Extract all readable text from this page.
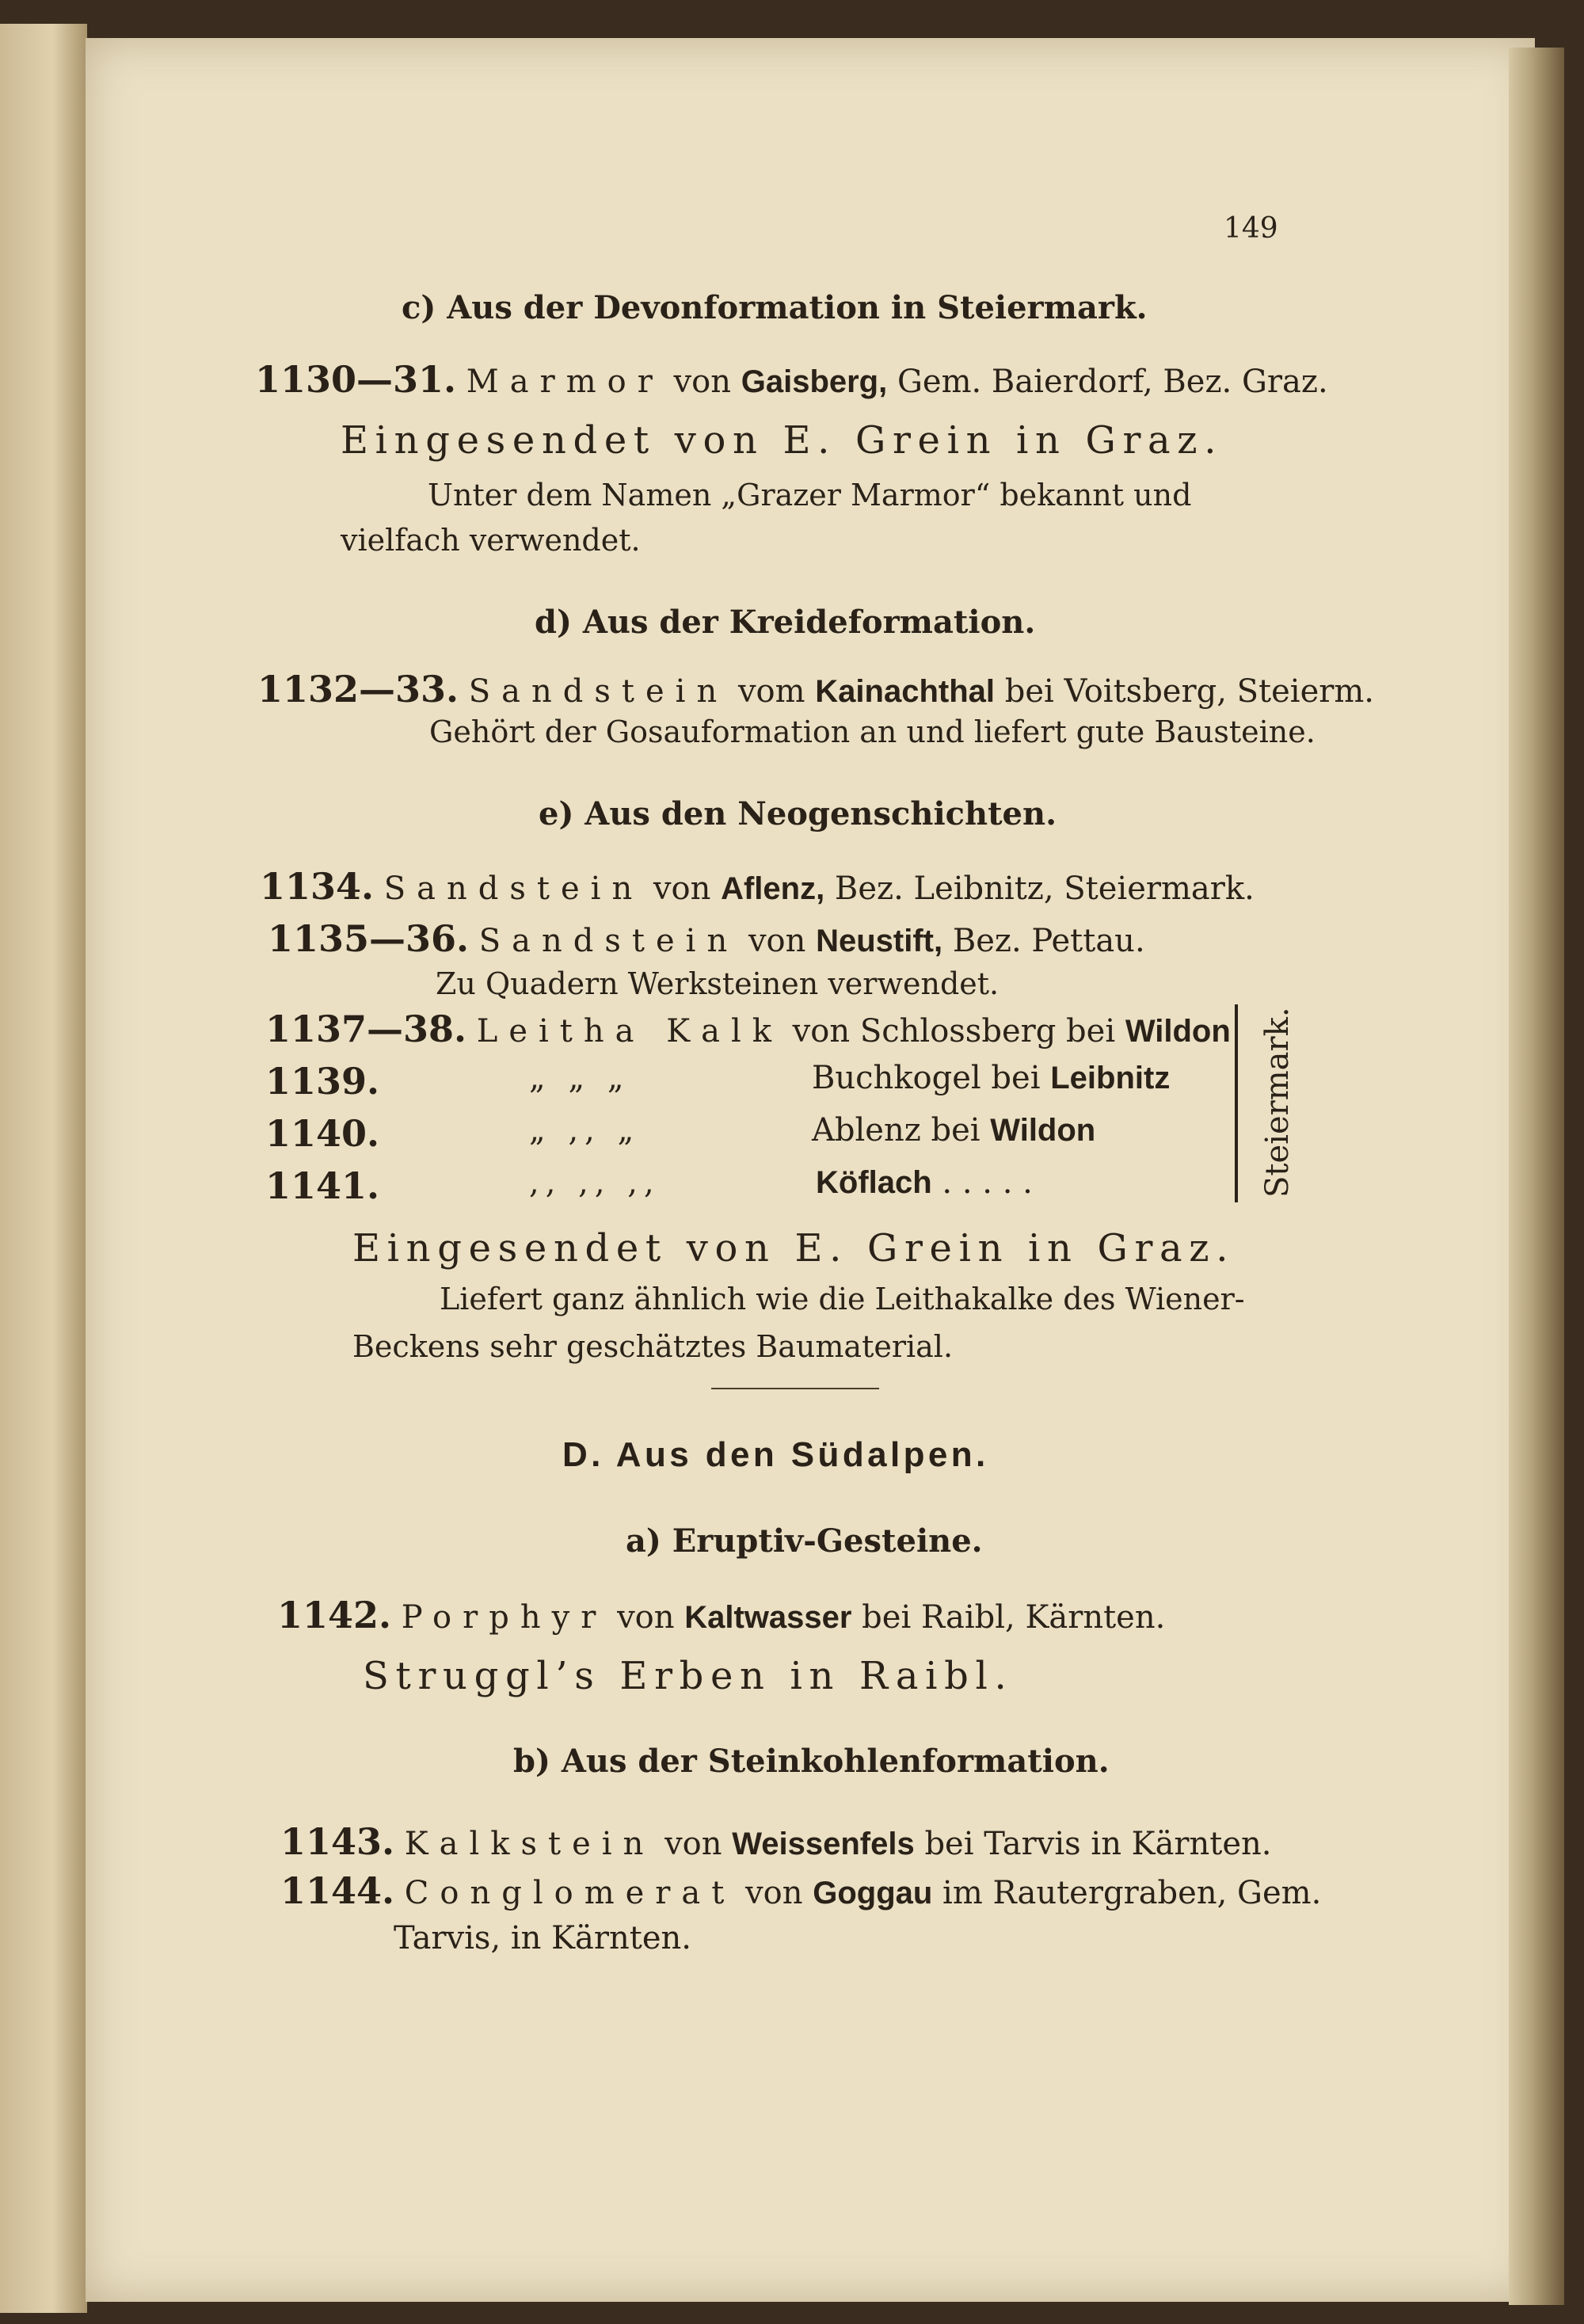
149
c) Aus der Devonformation in Steiermark.
1130—31. Marmor von Gaisberg, Gem. Baierdorf, Bez. Graz.
Eingesendet von E. Grein in Graz.
Unter dem Namen „Grazer Marmor“ bekannt und
vielfach verwendet.
d) Aus der Kreideformation.
1132—33. Sandstein vom Kainachthal bei Voitsberg, Steierm.
Gehört der Gosauformation an und liefert gute Bausteine.
e) Aus den Neogenschichten.
1134. Sandstein von Aflenz, Bez. Leibnitz, Steiermark.
1135—36. Sandstein von Neustift, Bez. Pettau.
Zu Quadern Werksteinen verwendet.
1137—38. Leitha Kalk von Schlossberg bei Wildon
1139.	„ „ „	Buchkogel bei Leibnitz
1140.	„ ,, „	Ablenz bei Wildon
1141.	,, ,, ,,	Köflach . . . . .	Steiermark.
Eingesendet von E. Grein in Graz.
Liefert ganz ähnlich wie die Leithakalke des Wiener-
Beckens sehr geschätztes Baumaterial.
D. Aus den Südalpen.
a) Eruptiv-Gesteine.
1142. Porphyr von Kaltwasser bei Raibl, Kärnten.
Struggl’s Erben in Raibl.
b) Aus der Steinkohlenformation.
1143. Kalkstein von Weissenfels bei Tarvis in Kärnten.
1144. Conglomerat von Goggau im Rautergraben, Gem.
Tarvis, in Kärnten.
